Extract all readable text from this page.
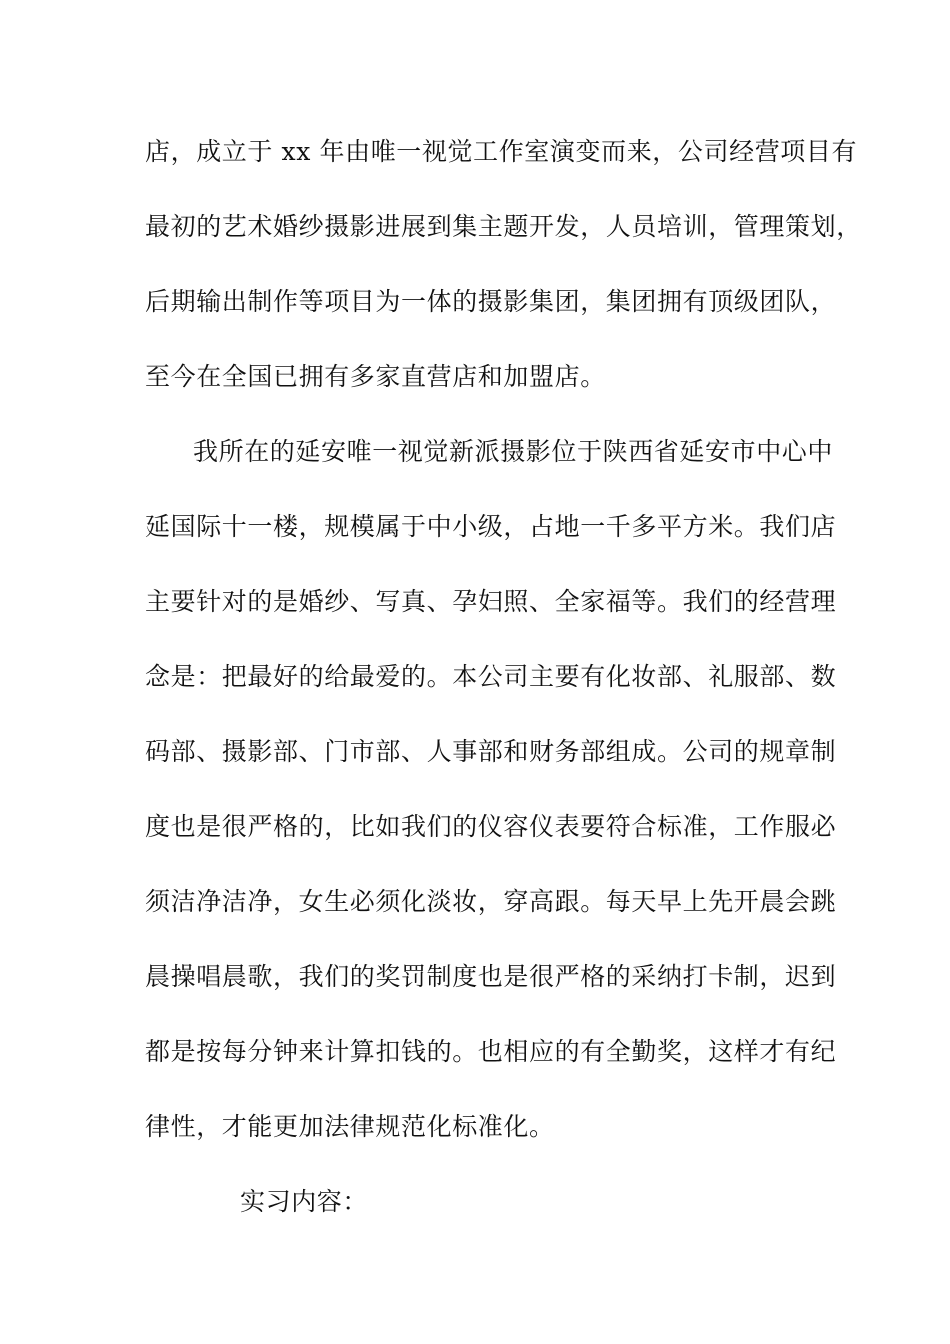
店，成立于 xx 年由唯一视觉工作室演变而来，公司经营项目有

最初的艺术婚纱摄影进展到集主题开发，人员培训，管理策划，

后期输出制作等项目为一体的摄影集团，集团拥有顶级团队，

至今在全国已拥有多家直营店和加盟店。

我所在的延安唯一视觉新派摄影位于陕西省延安市中心中

延国际十一楼，规模属于中小级，占地一千多平方米。我们店

主要针对的是婚纱、写真、孕妇照、全家福等。我们的经营理

念是：把最好的给最爱的。本公司主要有化妆部、礼服部、数

码部、摄影部、门市部、人事部和财务部组成。公司的规章制

度也是很严格的，比如我们的仪容仪表要符合标准，工作服必

须洁净洁净，女生必须化淡妆，穿高跟。每天早上先开晨会跳

晨操唱晨歌，我们的奖罚制度也是很严格的采纳打卡制，迟到

都是按每分钟来计算扣钱的。也相应的有全勤奖，这样才有纪

律性，才能更加法律规范化标准化。

实习内容：
